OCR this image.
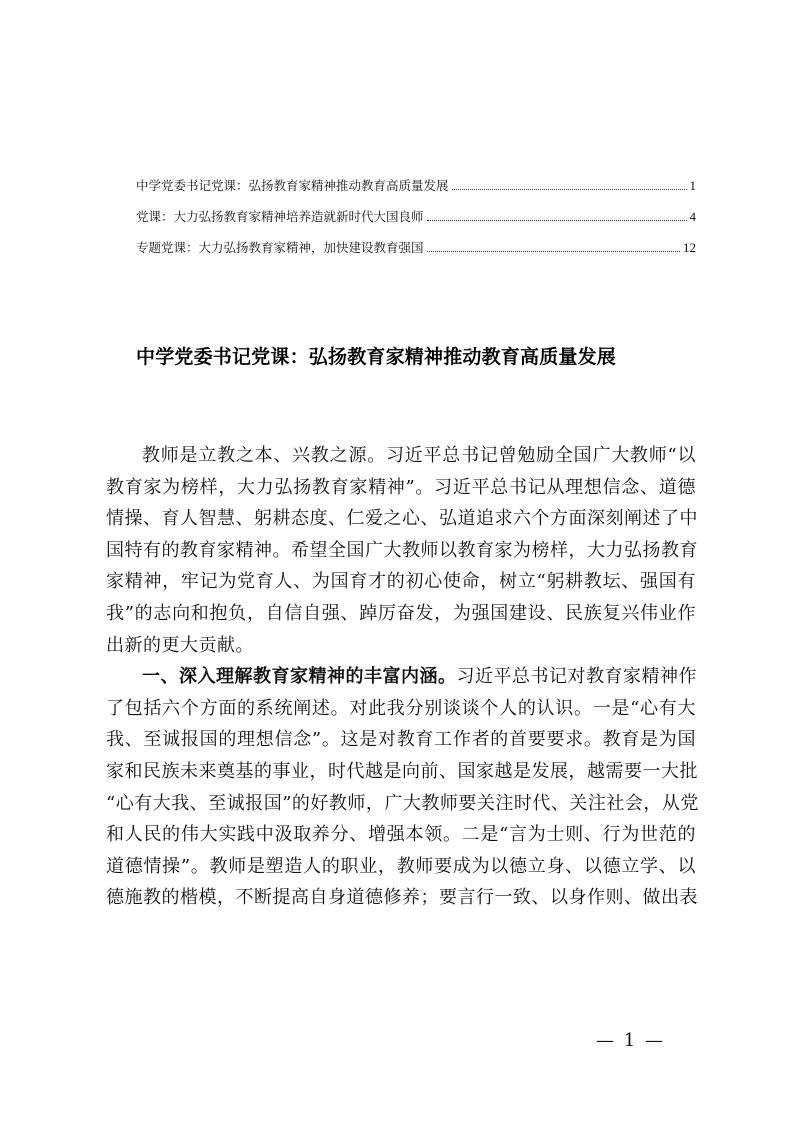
中学党委书记党课：弘扬教育家精神推动教育高质量发展	1
党课：大力弘扬教育家精神培养造就新时代大国良师	4
专题党课：大力弘扬教育家精神，加快建设教育强国	12
中学党委书记党课：弘扬教育家精神推动教育高质量发展
教师是立教之本、兴教之源。习近平总书记曾勉励全国广大教师“以
教育家为榜样，大力弘扬教育家精神”。习近平总书记从理想信念、道德
情操、育人智慧、躬耕态度、仁爱之心、弘道追求六个方面深刻阐述了中
国特有的教育家精神。希望全国广大教师以教育家为榜样，大力弘扬教育
家精神，牢记为党育人、为国育才的初心使命，树立“躬耕教坛、强国有
我”的志向和抱负，自信自强、踔厉奋发，为强国建设、民族复兴伟业作
出新的更大贡献。
一、深入理解教育家精神的丰富内涵。习近平总书记对教育家精神作
了包括六个方面的系统阐述。对此我分别谈谈个人的认识。一是“心有大
我、至诚报国的理想信念”。这是对教育工作者的首要要求。教育是为国
家和民族未来奠基的事业，时代越是向前、国家越是发展，越需要一大批
“心有大我、至诚报国”的好教师，广大教师要关注时代、关注社会，从党
和人民的伟大实践中汲取养分、增强本领。二是“言为士则、行为世范的
道德情操”。教师是塑造人的职业，教师要成为以德立身、以德立学、以
德施教的楷模，不断提高自身道德修养；要言行一致、以身作则、做出表
— 1 —
